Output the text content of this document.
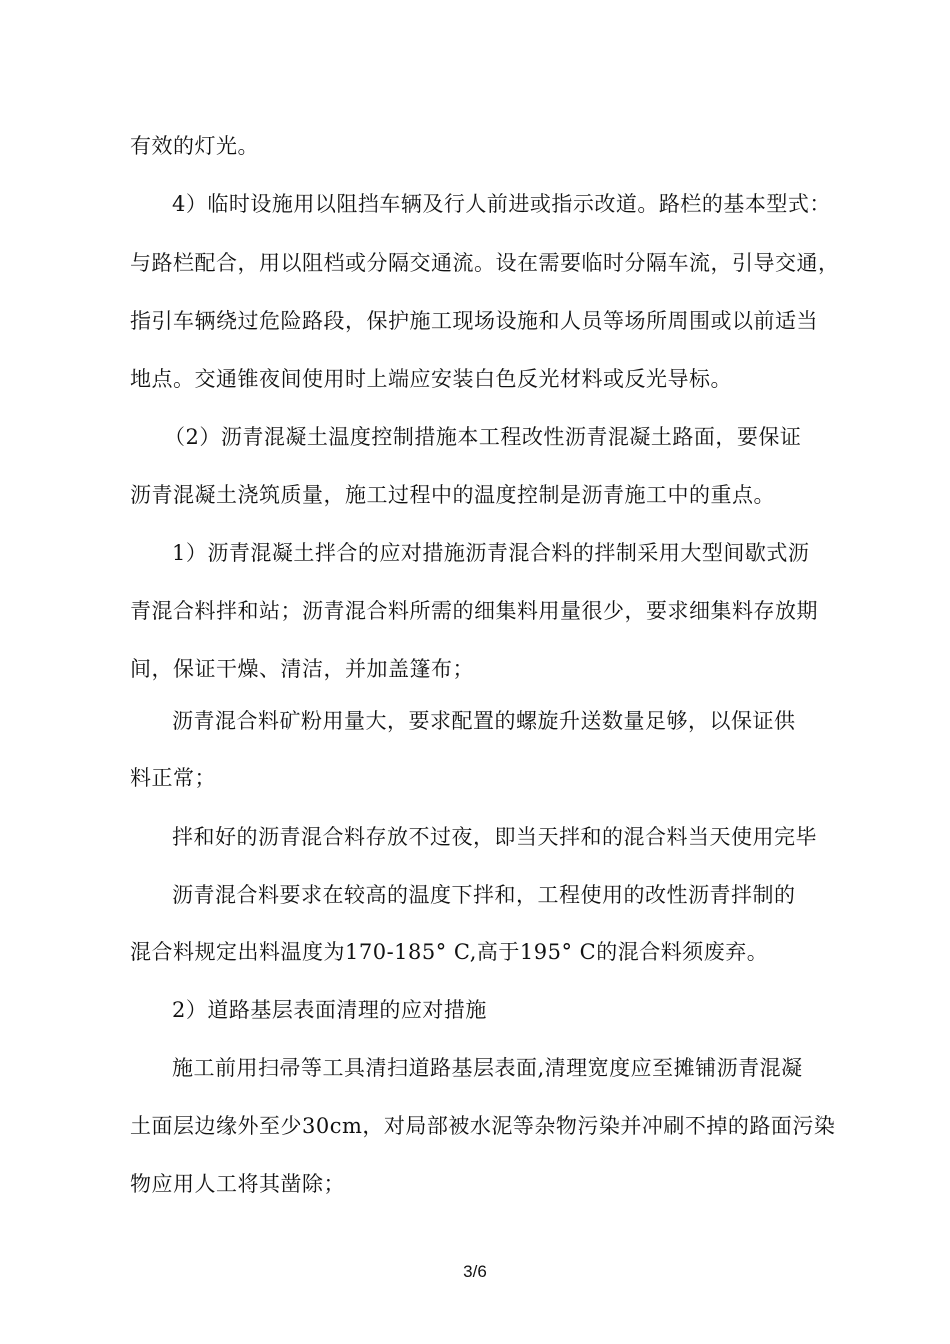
有效的灯光。
4）临时设施用以阻挡车辆及行人前进或指示改道。路栏的基本型式：
与路栏配合，用以阻档或分隔交通流。设在需要临时分隔车流，引导交通，
指引车辆绕过危险路段，保护施工现场设施和人员等场所周围或以前适当
地点。交通锥夜间使用时上端应安装白色反光材料或反光导标。
（2）沥青混凝土温度控制措施本工程改性沥青混凝土路面，要保证
沥青混凝土浇筑质量，施工过程中的温度控制是沥青施工中的重点。
1）沥青混凝土拌合的应对措施沥青混合料的拌制采用大型间歇式沥
青混合料拌和站；沥青混合料所需的细集料用量很少，要求细集料存放期
间，保证干燥、清洁，并加盖篷布；
沥青混合料矿粉用量大，要求配置的螺旋升送数量足够，以保证供
料正常；
拌和好的沥青混合料存放不过夜，即当天拌和的混合料当天使用完毕
沥青混合料要求在较高的温度下拌和，工程使用的改性沥青拌制的
混合料规定出料温度为170-185° C,高于195° C的混合料须废弃。
2）道路基层表面清理的应对措施
施工前用扫帚等工具清扫道路基层表面,清理宽度应至摊铺沥青混凝
土面层边缘外至少30cm，对局部被水泥等杂物污染并冲刷不掉的路面污染
物应用人工将其凿除；
3/6
